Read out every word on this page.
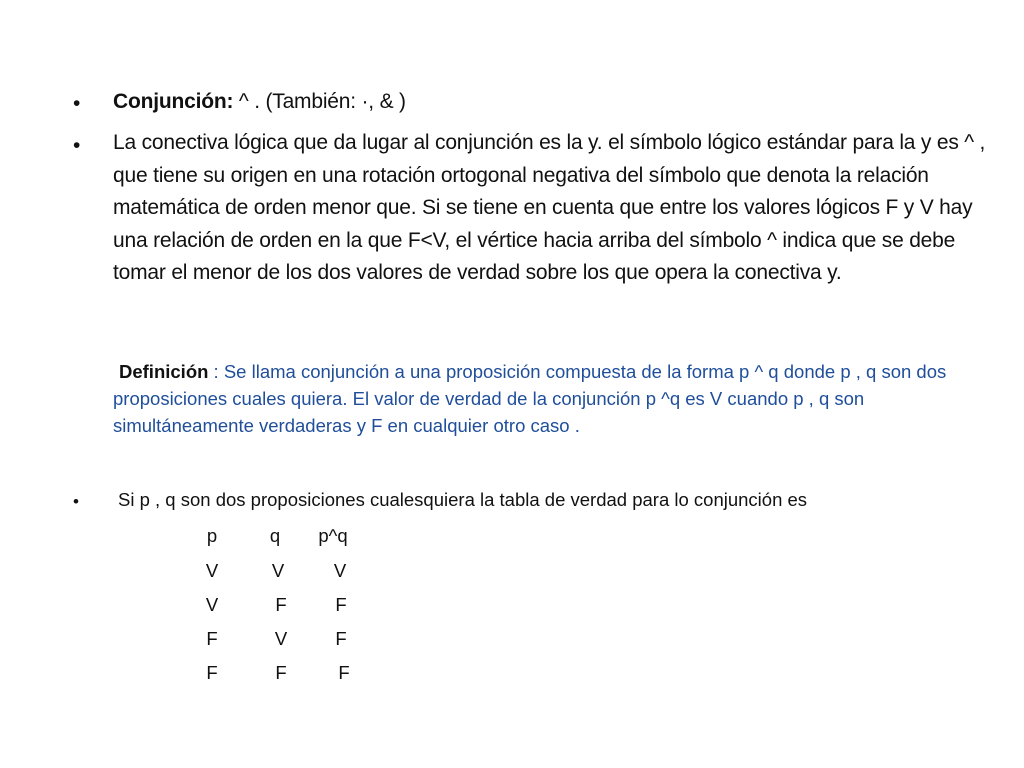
• Conjunción: ^ . (También: ·, & )
• La conectiva lógica que da lugar al conjunción es la y. el símbolo lógico estándar para la y es ^ , que tiene su origen en una rotación ortogonal negativa del símbolo que denota la relación matemática de orden menor que. Si se tiene en cuenta que entre los valores lógicos F y V hay una relación de orden en la que F<V, el vértice hacia arriba del símbolo ^ indica que se debe tomar el menor de los dos valores de verdad sobre los que opera la conectiva y.
Definición : Se llama conjunción a una proposición compuesta de la forma p ^ q donde p , q son dos proposiciones cuales quiera. El valor de verdad de la conjunción p ^q es V cuando p , q son simultáneamente verdaderas y F en cualquier otro caso .
• Si p , q son dos proposiciones cualesquiera la tabla de verdad para lo conjunción es
p	q	p^q
V	V	V
V	F	F
F	V	F
F	F	F
